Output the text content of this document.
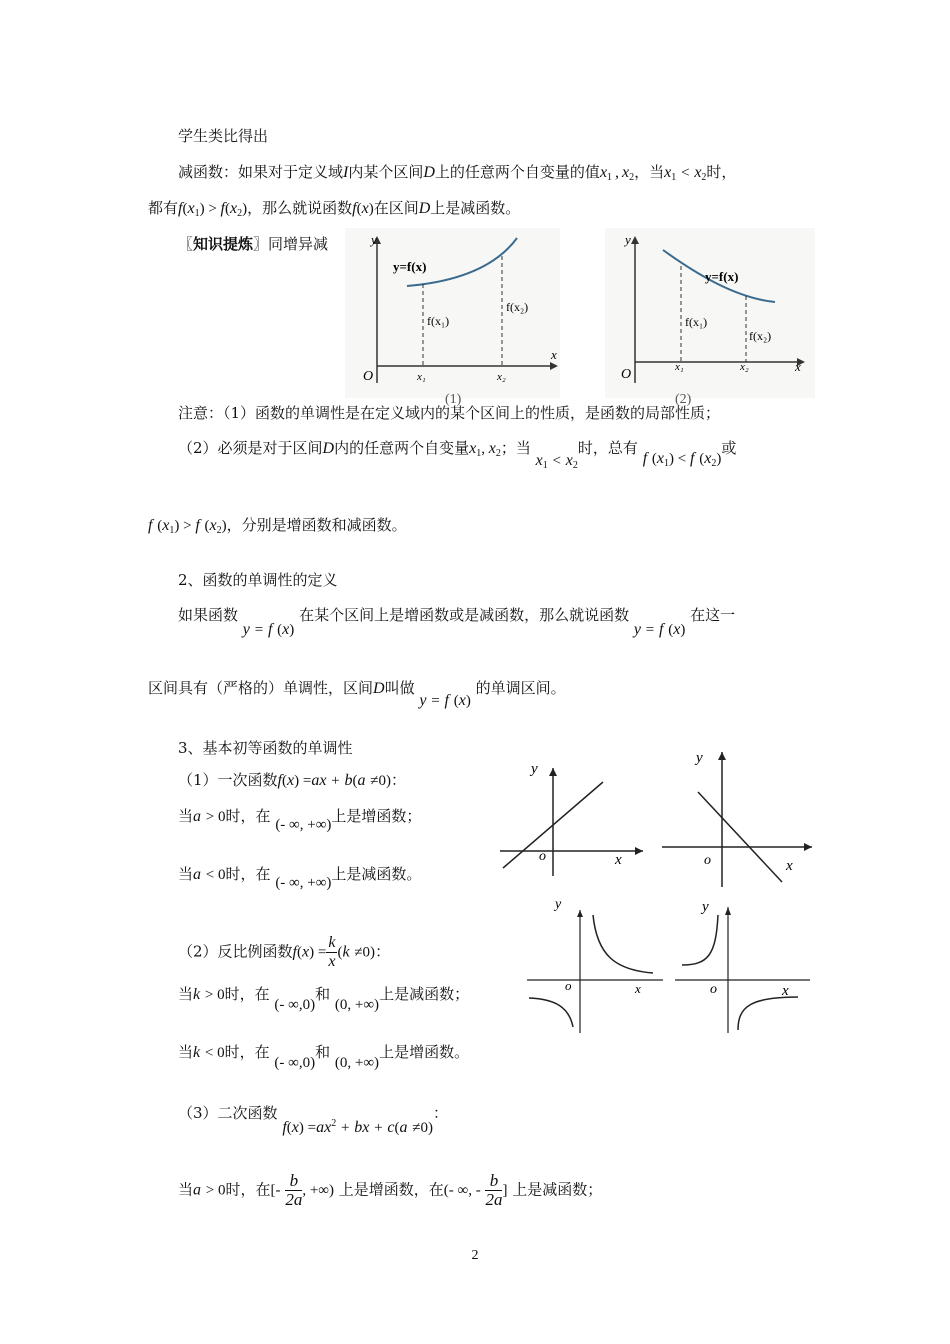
学生类比得出
减函数：如果对于定义域I内某个区间D上的任意两个自变量的值$x_1$  ,  $x_2$，当$x_1 < x_2$时，
都有$f(x_1) > f(x_2)$，那么就说函数f(x)在区间D上是减函数。
〖知识提炼〗同增异减	y
x
O
y=f(x)
f(x₁)
f(x₂)
x₁	x₂
(1)
y
x
O
y=f(x)
f(x₁)
f(x₂)
x₁	x₂
(2)
注意：（1）函数的单调性是在定义域内的某个区间上的性质，是函数的局部性质；
（2）必须是对于区间D内的任意两个自变量$x_1$, $x_2$；当 $x_1 < x_2$时，总有 f $(x_1) < f$ $(x_2)$或
f $(x_1) > f$ $(x_2)$，分别是增函数和减函数。
2、函数的单调性的定义
如果函数 y = f (x) 在某个区间上是增函数或是减函数，那么就说函数 y = f (x) 在这一
区间具有（严格的）单调性，区间D叫做 y = f (x) 的单调区间。
3、基本初等函数的单调性
（1）一次函数f(x) =ax + b(a ≠0)：
当a > 0时，在 (- ∞, +∞)上是增函数；
当a < 0时，在 (- ∞, +∞)上是减函数。
y
x
o
y
x
o
（2）反比例函数$f(x) = \frac{k}{x} (k \ne 0)$：
当k > 0时，在 (- ∞,0)和 (0, +∞)上是减函数；
当k < 0时，在 (- ∞,0)和 (0, +∞)上是增函数。
y
x
o
y
x
o
（3）二次函数 $f(x) =ax^2$ + bx + c(a ≠0)：
当a > 0时，在[- $\frac{b}{2a}$ , +∞) 上是增函数，在(- ∞, - $\frac{b}{2a}$ ] 上是减函数；
2
